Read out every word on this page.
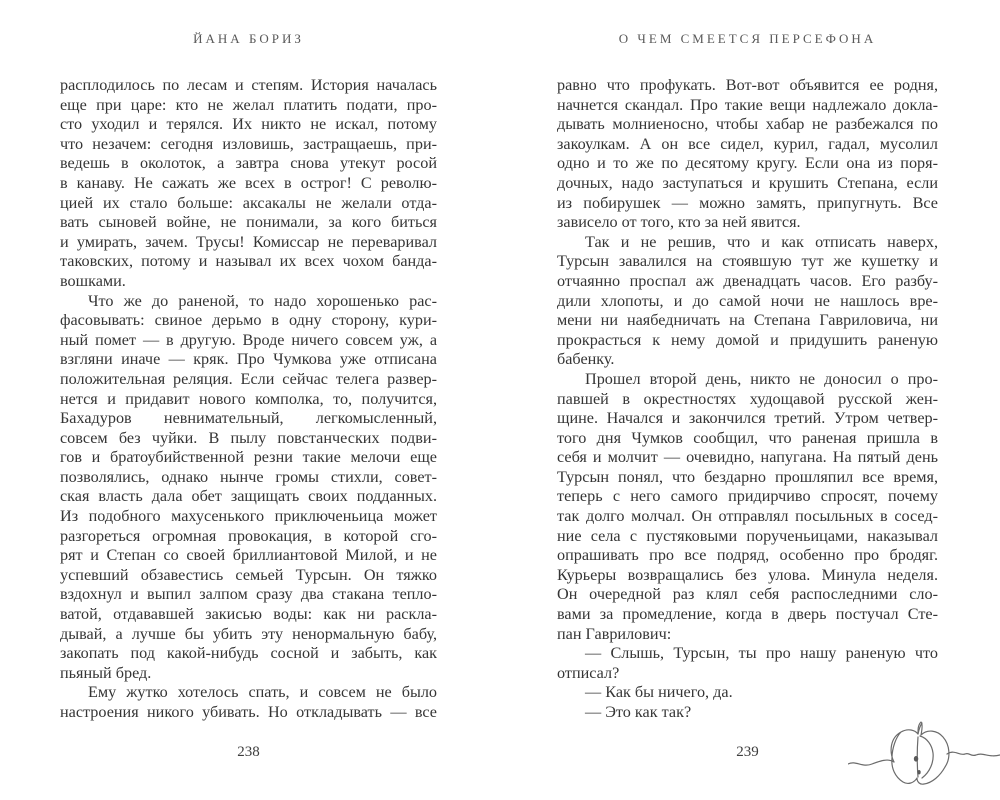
ЙАНА БОРИЗ	О ЧЕМ СМЕЕТСЯ ПЕРСЕФОНА
расплодилось по лесам и степям. История началась
еще при царе: кто не желал платить подати, про-
сто уходил и терялся. Их никто не искал, потому
что незачем: сегодня изловишь, застращаешь, при-
ведешь в околоток, а завтра снова утекут росой
в канаву. Не сажать же всех в острог! С револю-
цией их стало больше: аксакалы не желали отда-
вать сыновей войне, не понимали, за кого биться
и умирать, зачем. Трусы! Комиссар не переваривал
таковских, потому и называл их всех чохом банда-
вошками.
Что же до раненой, то надо хорошенько рас-
фасовывать: свиное дерьмо в одну сторону, кури-
ный помет — в другую. Вроде ничего совсем уж, а
взгляни иначе — кряк. Про Чумкова уже отписана
положительная реляция. Если сейчас телега развер-
нется и придавит нового комполка, то, получится,
Бахадуров невнимательный, легкомысленный,
совсем без чуйки. В пылу повстанческих подви-
гов и братоубийственной резни такие мелочи еще
позволялись, однако нынче громы стихли, совет-
ская власть дала обет защищать своих подданных.
Из подобного махусенького приключеньица может
разгореться огромная провокация, в которой сго-
рят и Степан со своей бриллиантовой Милой, и не
успевший обзавестись семьей Турсын. Он тяжко
вздохнул и выпил залпом сразу два стакана тепло-
ватой, отдававшей закисью воды: как ни раскла-
дывай, а лучше бы убить эту ненормальную бабу,
закопать под какой-нибудь сосной и забыть, как
пьяный бред.
Ему жутко хотелось спать, и совсем не было
настроения никого убивать. Но откладывать — все
равно что профукать. Вот-вот объявится ее родня,
начнется скандал. Про такие вещи надлежало докла-
дывать молниеносно, чтобы хабар не разбежался по
закоулкам. А он все сидел, курил, гадал, мусолил
одно и то же по десятому кругу. Если она из поря-
дочных, надо заступаться и крушить Степана, если
из побирушек — можно замять, припугнуть. Все
зависело от того, кто за ней явится.
Так и не решив, что и как отписать наверх,
Турсын завалился на стоявшую тут же кушетку и
отчаянно проспал аж двенадцать часов. Его разбу-
дили хлопоты, и до самой ночи не нашлось вре-
мени ни наябедничать на Степана Гавриловича, ни
прокрасться к нему домой и придушить раненую
бабенку.
Прошел второй день, никто не доносил о про-
павшей в окрестностях худощавой русской жен-
щине. Начался и закончился третий. Утром четвер-
того дня Чумков сообщил, что раненая пришла в
себя и молчит — очевидно, напугана. На пятый день
Турсын понял, что бездарно прошляпил все время,
теперь с него самого придирчиво спросят, почему
так долго молчал. Он отправлял посыльных в сосед-
ние села с пустяковыми порученьицами, наказывал
опрашивать про все подряд, особенно про бродяг.
Курьеры возвращались без улова. Минула неделя.
Он очередной раз клял себя распоследними сло-
вами за промедление, когда в дверь постучал Сте-
пан Гаврилович:
— Слышь, Турсын, ты про нашу раненую что
отписал?
— Как бы ничего, да.
— Это как так?
238	239
